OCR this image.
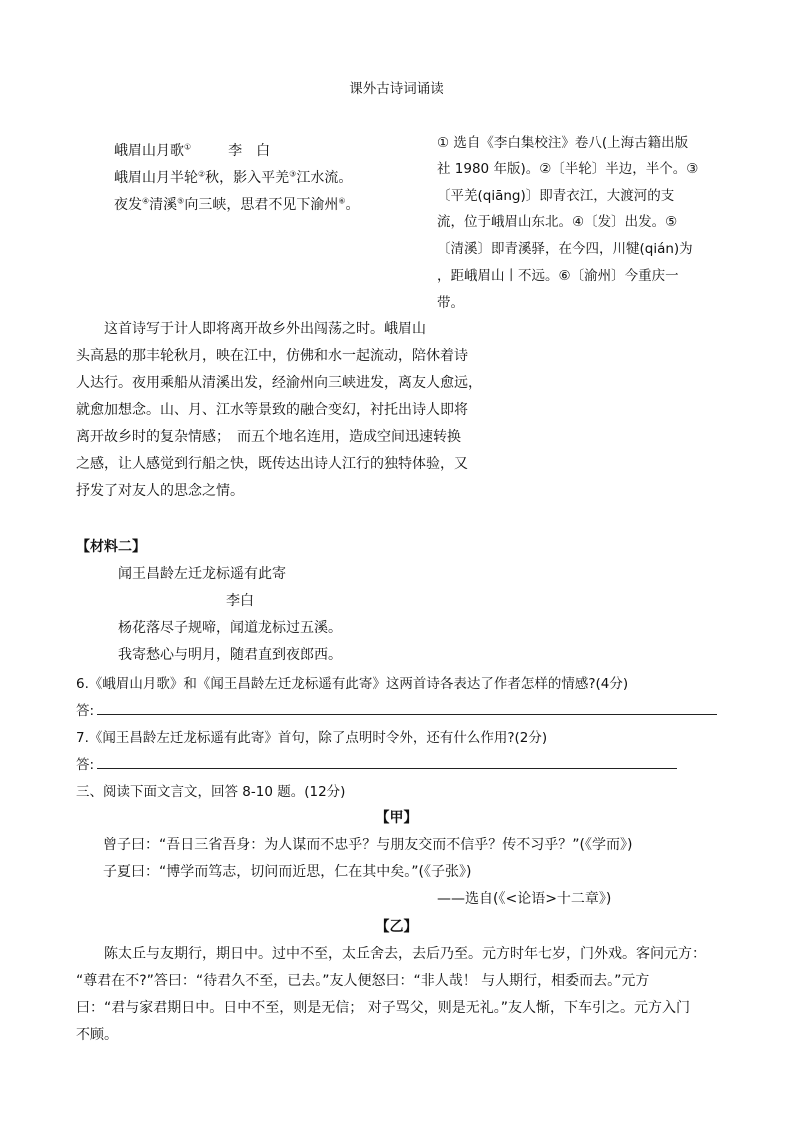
课外古诗词诵读
峨眉山月歌①	李　白
峨眉山月半轮②秋，影入平羌③江水流。
夜发④清溪⑤向三峡，思君不见下渝州⑥。
① 选自《李白集校注》卷八(上海古籍出版
社 1980 年版)。②〔半轮〕半边，半个。③
〔平羌(qiāng)〕即青衣江，大渡河的支
流，位于峨眉山东北。④〔发〕出发。⑤
〔清溪〕即青溪驿，在今四，川犍(qián)为
，距峨眉山丨不远。⑥〔渝州〕今重庆一
带。
　　这首诗写于计人即将离开故乡外出闯荡之时。峨眉山
头高悬的那丰轮秋月，映在江中，仿佛和水一起流动，陪休着诗
人达行。夜用乘船从清溪出发，经渝州向三峡进发，离友人愈远，
就愈加想念。山、月、江水等景致的融合变幻，衬托出诗人即将
离开故乡时的复杂情感；　而五个地名连用，造成空间迅速转换
之感，让人感觉到行船之快，既传达出诗人江行的独特体验，又
抒发了对友人的思念之情。
【材料二】
闻王昌龄左迁龙标遥有此寄
李白
杨花落尽子规啼，闻道龙标过五溪。
我寄愁心与明月，随君直到夜郎西。
6.《峨眉山月歌》和《闻王昌龄左迁龙标遥有此寄》这两首诗各表达了作者怎样的情感?(4分)
答:
7.《闻王昌龄左迁龙标遥有此寄》首句，除了点明时令外，还有什么作用?(2分)
答:
三、阅读下面文言文，回答 8-10 题。(12分)
【甲】
曾子曰：“吾日三省吾身：为人谋而不忠乎？与朋友交而不信乎？传不习乎？”(《学而》)
子夏曰：“博学而笃志，切问而近思，仁在其中矣。”(《子张》)
——选自(《<论语>十二章》)
【乙】
　　陈太丘与友期行，期日中。过中不至，太丘舍去，去后乃至。元方时年七岁，门外戏。客问元方：
“尊君在不?”答曰：“待君久不至，已去。”友人便怒曰：“非人哉！ 与人期行，相委而去。”元方
曰：“君与家君期日中。日中不至，则是无信； 对子骂父，则是无礼。”友人惭，下车引之。元方入门
不顾。
